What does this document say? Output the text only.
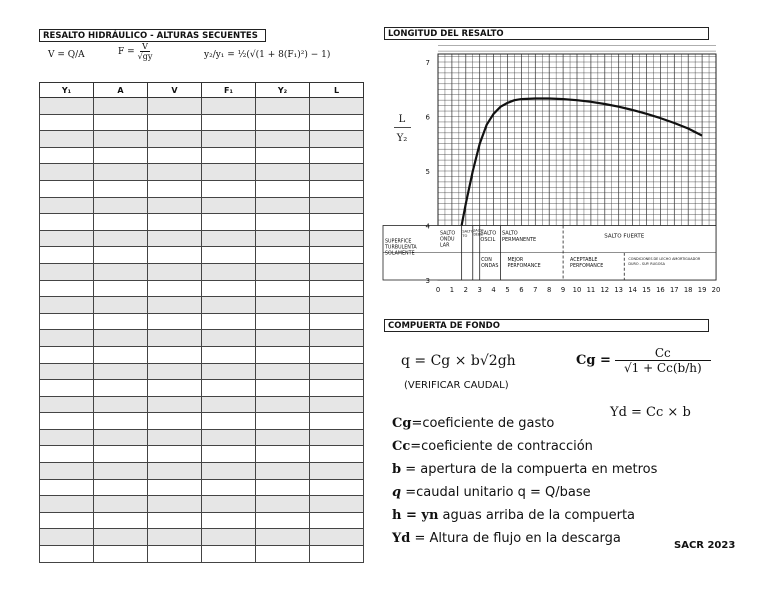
RESALTO HIDRÁULICO - ALTURAS SECUENTES
V = Q/A	$F = \frac{V}{√gy}$	y₂/y₁ = ½(√(1 + 8(F₁)²) − 1)
Y₁	A	V	F₁	Y₂	L

LONGITUD DEL RESALTO
SUPERFICE
TURBULENTA
SOLAMENTE
SALTO
ONDU
LAR
SALTO
TO
SALTO
DÉBIL
SALTO
OSCIL
SALTO
PERMANENTE
SALTO FUERTE
CON
ONDAS
MEJOR
PERFOMANCE
ACEPTABLE
PERFOMANCE
CONDICIONES DE LECHO AMORTIGUADOR
DURO - SUP. RUGOSA
3
4
5
6
7
0 1 2 3 4 5 6 7 8 9 10 11 12 13 14 15 16 17 18 19 20
L
Y₂
COMPUERTA DE FONDO
q = Cg × b√2gh
(VERIFICAR CAUDAL)
$Cg = \frac{Cc}{√1 + Cc(b/h)}$
Yd = Cc × b
Cg=coeficiente de gasto
Cc=coeficiente de contracción
b = apertura de la compuerta en metros
q =caudal unitario q = Q/base
h = yn aguas arriba de la compuerta
Yd = Altura de flujo en la descarga	SACR 2023
